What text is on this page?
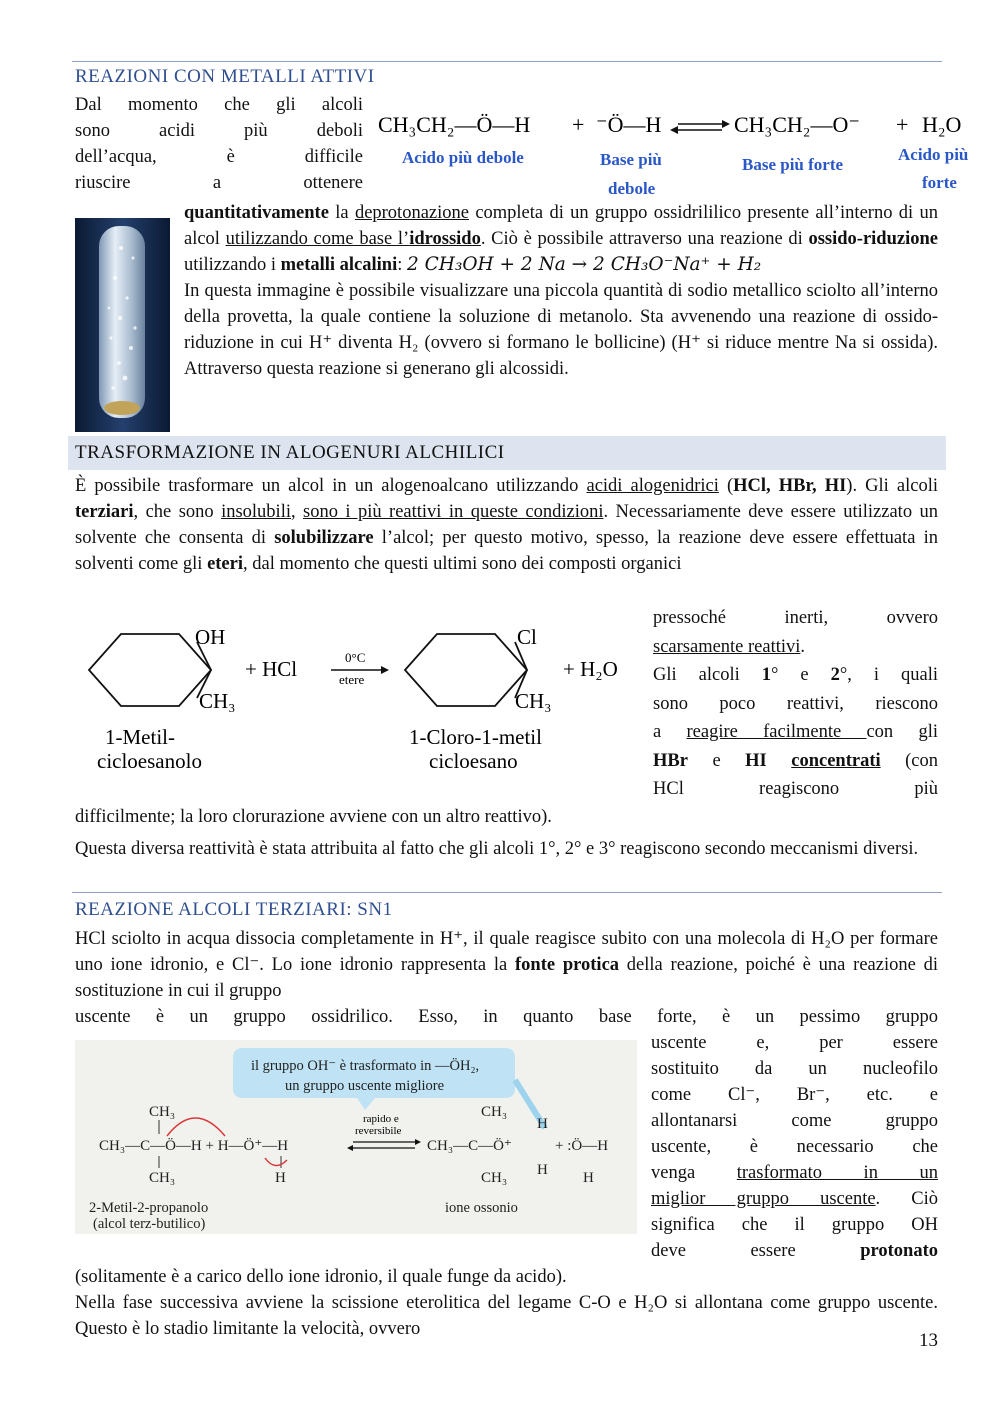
REAZIONI CON METALLI ATTIVI

Dal momento che gli alcoli

sono acidi più deboli

dell’acqua, è difficile

riuscire a ottenere

CH₃CH₂—Ö—H + ⁻Ö—H	CH₃CH₂—O⁻ + H₂O
Acido più debole	Base più
debole
Base più forte
Acido più
forte

quantitativamente la deprotonazione completa di un gruppo ossidrililico presente all’interno di un alcol utilizzando come base l’idrossido. Ciò è possibile attraverso una reazione di ossido-riduzione utilizzando i metalli alcalini: 2 CH₃OH + 2 Na → 2 CH₃O⁻Na⁺ + H₂

In questa immagine è possibile visualizzare una piccola quantità di sodio metallico sciolto all’interno della provetta, la quale contiene la soluzione di metanolo. Sta avvenendo una reazione di ossido-riduzione in cui H⁺ diventa H₂ (ovvero si formano le bollicine) (H⁺ si riduce mentre Na si ossida). Attraverso questa reazione si generano gli alcossidi.

TRASFORMAZIONE IN ALOGENURI ALCHILICI

È possibile trasformare un alcol in un alogenoalcano utilizzando acidi alogenidrici (HCl, HBr, HI). Gli alcoli terziari, che sono insolubili, sono i più reattivi in queste condizioni. Necessariamente deve essere utilizzato un solvente che consenta di solubilizzare l’alcol; per questo motivo, spesso, la reazione deve essere effettuata in solventi come gli eteri, dal momento che questi ultimi sono dei composti organici

OH
CH₃
+ HCl	0°C
etere
Cl
CH₃
+ H₂O
1-Metil-
cicloesanolo
1-Cloro-1-metil
cicloesano

pressoché inerti, ovvero

scarsamente reattivi.

Gli alcoli 1° e 2°, i quali

sono poco reattivi, riescono

a reagire facilmente con gli

HBr e HI concentrati (con

HCl reagiscono più

difficilmente; la loro clorurazione avviene con un altro reattivo).

Questa diversa reattività è stata attribuita al fatto che gli alcoli 1°, 2° e 3° reagiscono secondo meccanismi diversi.

REAZIONE ALCOLI TERZIARI: SN1

HCl sciolto in acqua dissocia completamente in H⁺, il quale reagisce subito con una molecola di H₂O per formare uno ione idronio, e Cl⁻. Lo ione idronio rappresenta la fonte protica della reazione, poiché è una reazione di sostituzione in cui il gruppo

uscente è un gruppo ossidrilico. Esso, in quanto base forte, è un pessimo gruppo

il gruppo OH⁻ è trasformato in —ÖH₂,
un gruppo uscente migliore
CH₃
CH₃—C—Ö—H + H—Ö⁺—H
CH₃	H
CH₃—C—Ö⁺
CH₃
H
H
CH₃
+ :Ö—H
H
rapido e
reversibile
2-Metil-2-propanolo
(alcol terz-butilico)
ione ossonio

uscente e, per essere

sostituito da un nucleofilo

come Cl⁻, Br⁻, etc. e

allontanarsi come gruppo

uscente, è necessario che

venga trasformato in un

miglior gruppo uscente. Ciò

significa che il gruppo OH

deve essere protonato

(solitamente è a carico dello ione idronio, il quale funge da acido).

Nella fase successiva avviene la scissione eterolitica del legame C-O e H₂O si allontana come gruppo uscente. Questo è lo stadio limitante la velocità, ovvero

13
